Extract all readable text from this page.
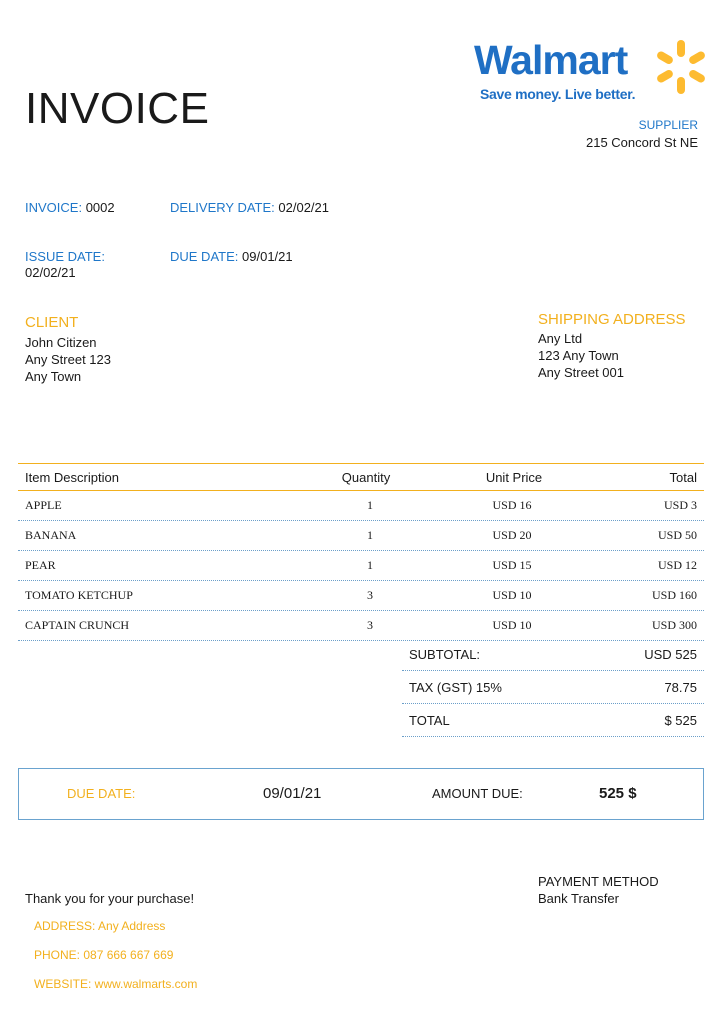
INVOICE
Walmart
Save money. Live better.
SUPPLIER
215 Concord St NE
INVOICE: 0002	DELIVERY DATE: 02/02/21
ISSUE DATE:
02/02/21
DUE DATE: 09/01/21
CLIENT
John Citizen
Any Street 123
Any Town
SHIPPING ADDRESS
Any Ltd
123 Any Town
Any Street 001
Item Description	Quantity	Unit Price	Total
APPLE	1	USD 16	USD 3
BANANA	1	USD 20	USD 50
PEAR	1	USD 15	USD 12
TOMATO KETCHUP	3	USD 10	USD 160
CAPTAIN CRUNCH	3	USD 10	USD 300
SUBTOTAL:	USD 525
TAX (GST) 15%	78.75
TOTAL	$ 525
DUE DATE:	09/01/21	AMOUNT DUE:	525 $
Thank you for your purchase!
ADDRESS: Any Address
PHONE: 087 666 667 669
WEBSITE: www.walmarts.com
PAYMENT METHOD
Bank Transfer
